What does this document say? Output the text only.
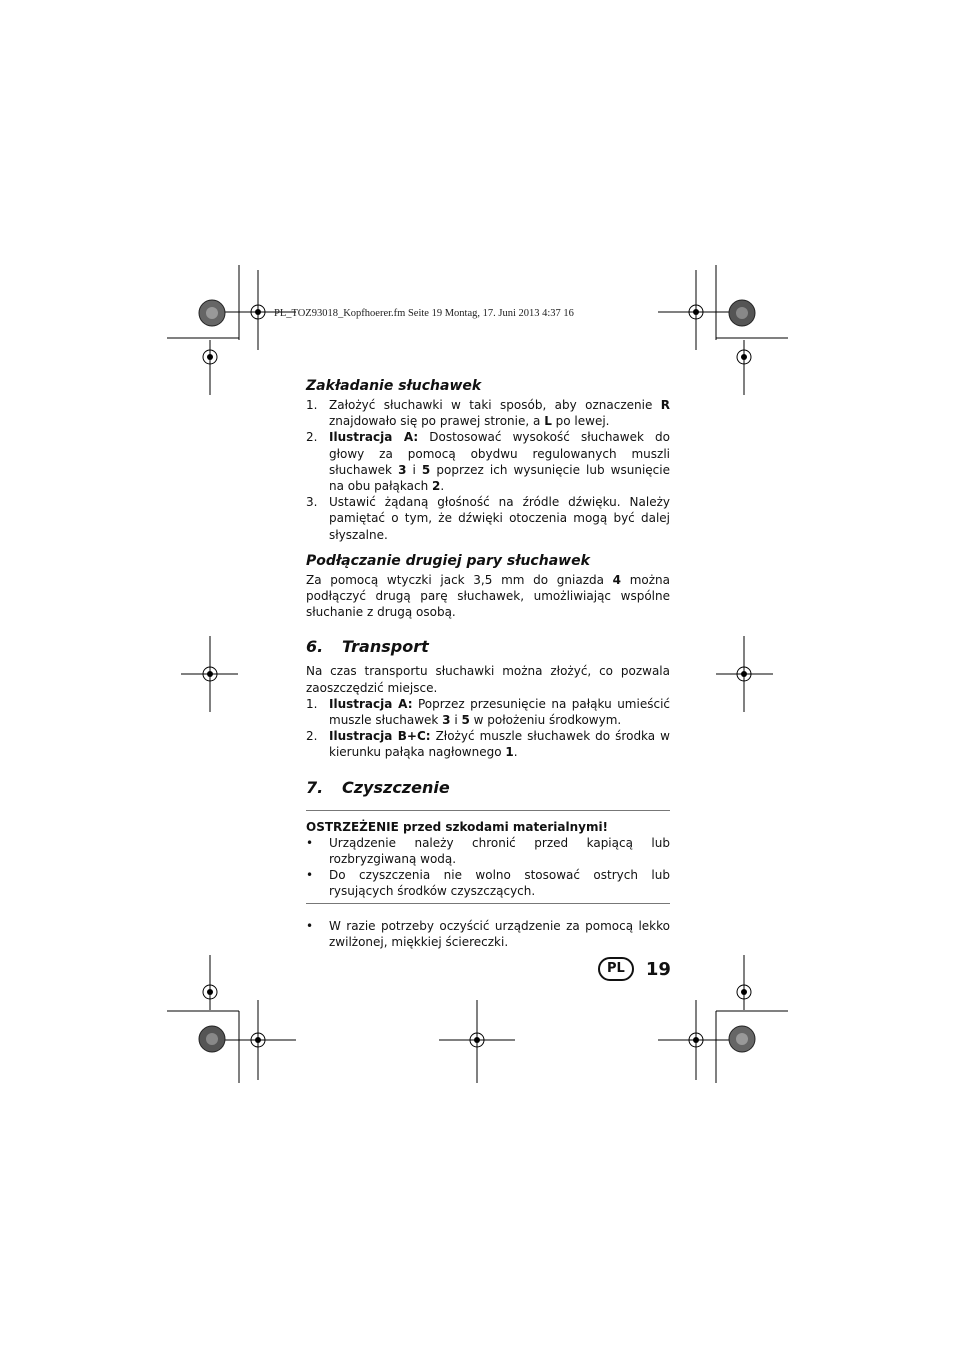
PL_TOZ93018_Kopfhoerer.fm Seite 19 Montag, 17. Juni 2013 4:37 16
Zakładanie słuchawek
1. Założyć słuchawki w taki sposób, aby oznaczenie R znajdowało się po prawej stronie, a L po lewej.
2. Ilustracja A: Dostosować wysokość słuchawek do głowy za pomocą obydwu regulowanych muszli słuchawek 3 i 5 poprzez ich wysunięcie lub wsunięcie na obu pałąkach 2.
3. Ustawić żądaną głośność na źródle dźwięku. Należy pamiętać o tym, że dźwięki otoczenia mogą być dalej słyszalne.
Podłączanie drugiej pary słuchawek

Za pomocą wtyczki jack 3,5 mm do gniazda 4 można podłączyć drugą parę słuchawek, umożliwiając wspólne słuchanie z drugą osobą.

6. Transport

Na czas transportu słuchawki można złożyć, co pozwala zaoszczędzić miejsce.

1. Ilustracja A: Poprzez przesunięcie na pałąku umieścić muszle słuchawek 3 i 5 w położeniu środkowym.
2. Ilustracja B+C: Złożyć muszle słuchawek do środka w kierunku pałąka nagłownego 1.
7. Czyszczenie

OSTRZEŻENIE przed szkodami materialnymi!

• Urządzenie należy chronić przed kapiącą lub rozbryzgiwaną wodą.
• Do czyszczenia nie wolno stosować ostrych lub rysujących środków czyszczących.
• W razie potrzeby oczyścić urządzenie za pomocą lekko zwilżonej, miękkiej ściereczki.
PL	19
